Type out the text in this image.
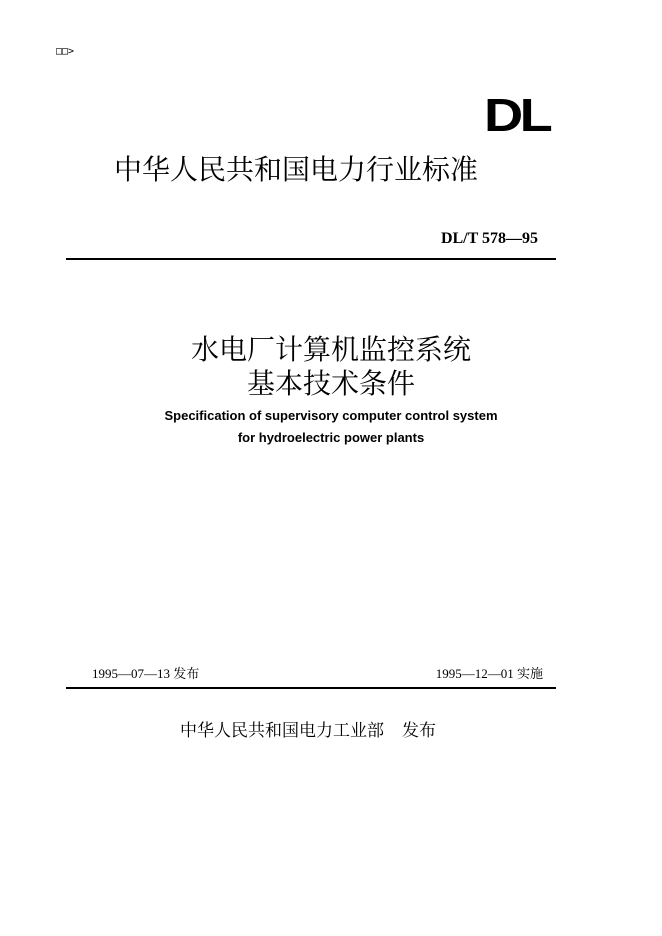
□□>
DL
中华人民共和国电力行业标准
DL/T 578—95
水电厂计算机监控系统
基本技术条件
Specification of supervisory computer control system
for hydroelectric power plants
1995—07—13 发布	1995—12—01 实施
中华人民共和国电力工业部 发布
